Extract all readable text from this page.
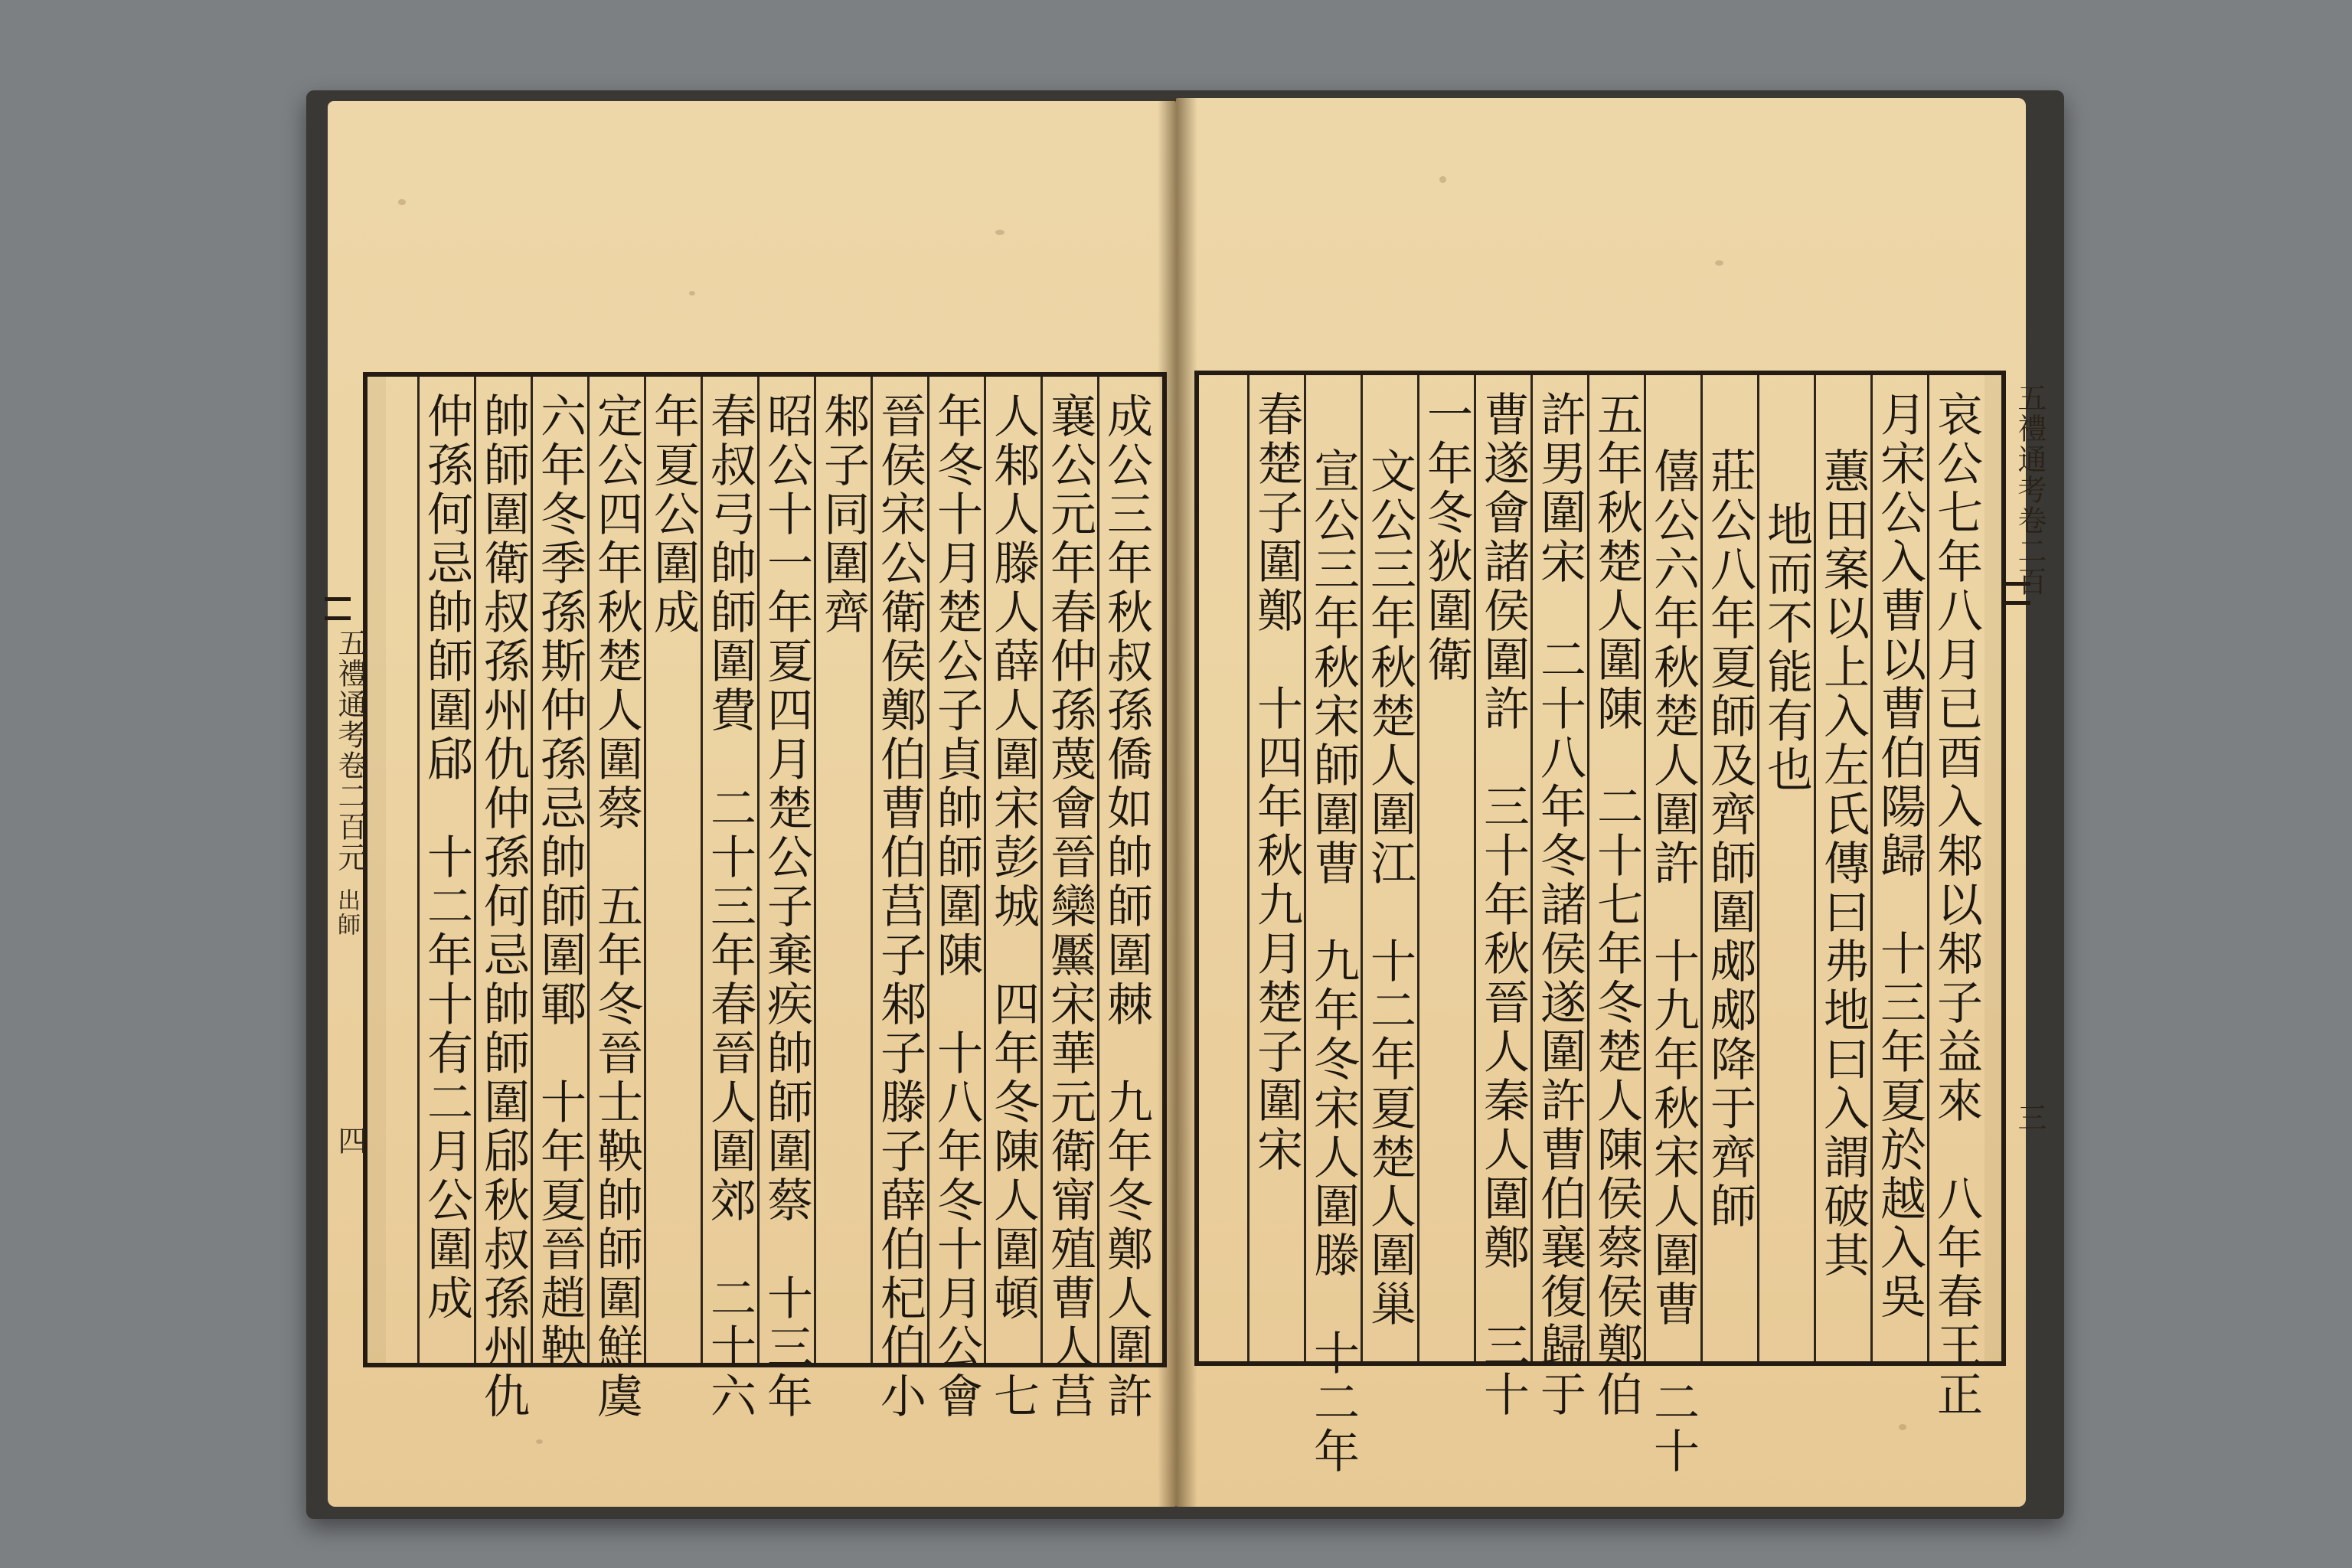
哀公七年八月已酉入邾以邾子益來　八年春王正
月宋公入曹以曹伯陽歸　十三年夏於越入吳
蕙田案以上入左氏傳曰弗地曰入謂破其
地而不能有也
莊公八年夏師及齊師圍郕郕降于齊師
僖公六年秋楚人圍許　十九年秋宋人圍曹　二十
五年秋楚人圍陳　二十七年冬楚人陳侯蔡侯鄭伯
許男圍宋　二十八年冬諸侯遂圍許曹伯襄復歸于
曹遂會諸侯圍許　三十年秋晉人秦人圍鄭　三十
一年冬狄圍衛
文公三年秋楚人圍江　十二年夏楚人圍巢
宣公三年秋宋師圍曹　九年冬宋人圍滕　十二年
春楚子圍鄭　十四年秋九月楚子圍宋	五禮通考卷二百
三
成公三年秋叔孫僑如帥師圍棘　九年冬鄭人圍許
襄公元年春仲孫蔑會晉欒黶宋華元衛甯殖曹人莒
人邾人滕人薛人圍宋彭城　四年冬陳人圍頓　七
年冬十月楚公子貞帥師圍陳　十八年冬十月公會
晉侯宋公衛侯鄭伯曹伯莒子邾子滕子薛伯杞伯小
邾子同圍齊
昭公十一年夏四月楚公子棄疾帥師圍蔡　十三年
春叔弓帥師圍費　二十三年春晉人圍郊　二十六
年夏公圍成
定公四年秋楚人圍蔡　五年冬晉士鞅帥師圍鮮虞
六年冬季孫斯仲孫忌帥師圍鄆　十年夏晉趙鞅
帥師圍衛叔孫州仇仲孫何忌帥師圍郈秋叔孫州仇
仲孫何忌帥師圍郈　十二年十有二月公圍成
五禮通考卷二百元
出師
四
